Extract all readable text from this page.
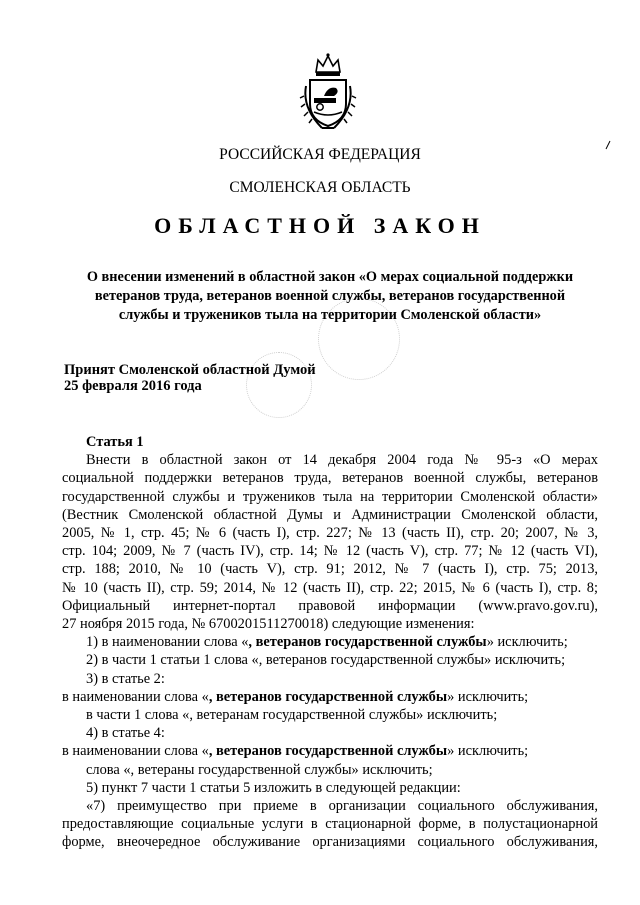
РОССИЙСКАЯ ФЕДЕРАЦИЯ
СМОЛЕНСКАЯ ОБЛАСТЬ
ОБЛАСТНОЙ ЗАКОН
О внесении изменений в областной закон «О мерах социальной поддержки
ветеранов труда, ветеранов военной службы, ветеранов государственной
службы и тружеников тыла на территории Смоленской области»
Принят Смоленской областной Думой
25 февраля 2016 года
Статья 1
Внести в областной закон от 14 декабря 2004 года № 95-з «О мерах
социальной поддержки ветеранов труда, ветеранов военной службы, ветеранов
государственной службы и тружеников тыла на территории Смоленской области»
(Вестник Смоленской областной Думы и Администрации Смоленской области,
2005, № 1, стр. 45; № 6 (часть I), стр. 227; № 13 (часть II), стр. 20; 2007, № 3,
стр. 104; 2009, № 7 (часть IV), стр. 14; № 12 (часть V), стр. 77; № 12 (часть VI),
стр. 188; 2010, № 10 (часть V), стр. 91; 2012, № 7 (часть I), стр. 75; 2013,
№ 10 (часть II), стр. 59; 2014, № 12 (часть II), стр. 22; 2015, № 6 (часть I), стр. 8;
Официальный интернет-портал правовой информации (www.pravo.gov.ru),
27 ноября 2015 года, № 6700201511270018) следующие изменения:
1) в наименовании слова «, ветеранов государственной службы» исключить;
2) в части 1 статьи 1 слова «, ветеранов государственной службы» исключить;
3) в статье 2:
в наименовании слова «, ветеранов государственной службы» исключить;
в части 1 слова «, ветеранам государственной службы» исключить;
4) в статье 4:
в наименовании слова «, ветеранов государственной службы» исключить;
слова «, ветераны государственной службы» исключить;
5) пункт 7 части 1 статьи 5 изложить в следующей редакции:
«7) преимущество при приеме в организации социального обслуживания,
предоставляющие социальные услуги в стационарной форме, в полустационарной
форме, внеочередное обслуживание организациями социального обслуживания,
